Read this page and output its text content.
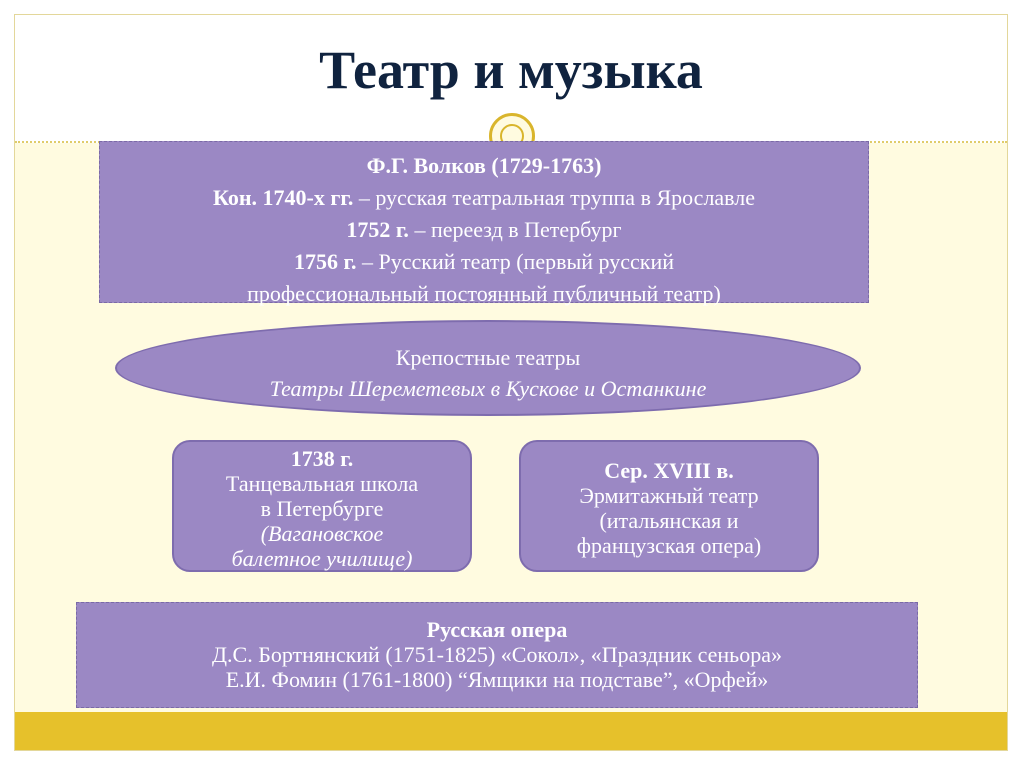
Театр и музыка
Ф.Г. Волков (1729-1763)
Кон. 1740-х гг. – русская театральная труппа в Ярославле
1752 г. – переезд в Петербург
1756 г. – Русский театр (первый русский
профессиональный постоянный публичный театр)
Крепостные театры
Театры Шереметевых в Кускове и Останкине
1738 г.
Танцевальная школа
в Петербурге
(Вагановское
балетное училище)
Сер. XVIII в.
Эрмитажный театр
(итальянская и
французская опера)
Русская опера
Д.С. Бортнянский (1751-1825) «Сокол», «Праздник сеньора»
Е.И. Фомин (1761-1800) “Ямщики на подставе”, «Орфей»
